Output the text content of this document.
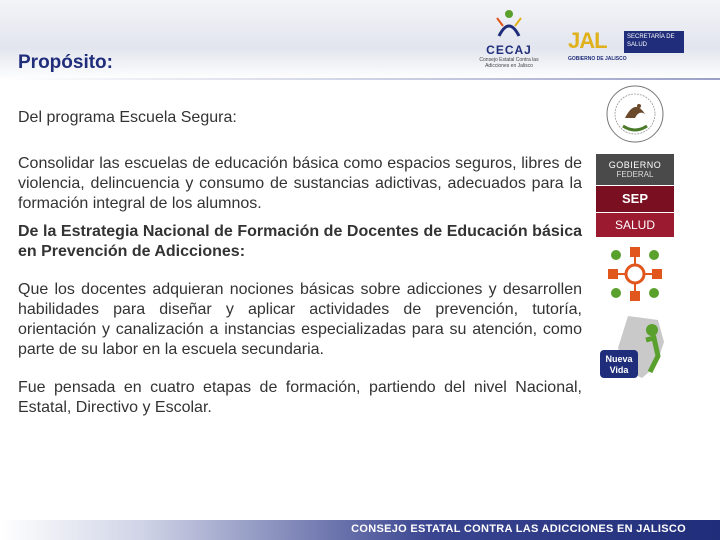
Propósito:
CECAJ
Consejo Estatal Contra las Adicciones en Jalisco
JAL	SECRETARÍA DE SALUD
GOBIERNO DE JALISCO

Del programa Escuela Segura:

Consolidar las escuelas de educación básica como espacios seguros, libres de violencia, delincuencia y consumo de sustancias adictivas, adecuados para la formación integral de los alumnos.

De la Estrategia Nacional de Formación de Docentes de Educación básica en Prevención de Adicciones:

Que los docentes adquieran nociones básicas sobre adicciones y desarrollen habilidades para diseñar y aplicar actividades de prevención, tutoría, orientación y canalización a instancias especializadas para su atención, como parte de su labor en la escuela secundaria.

Fue pensada en cuatro etapas de formación, partiendo del nivel Nacional, Estatal, Directivo y Escolar.

GOBIERNO
FEDERAL
SEP
SALUD

Nueva
Vida
CONSEJO ESTATAL CONTRA LAS ADICCIONES EN JALISCO
